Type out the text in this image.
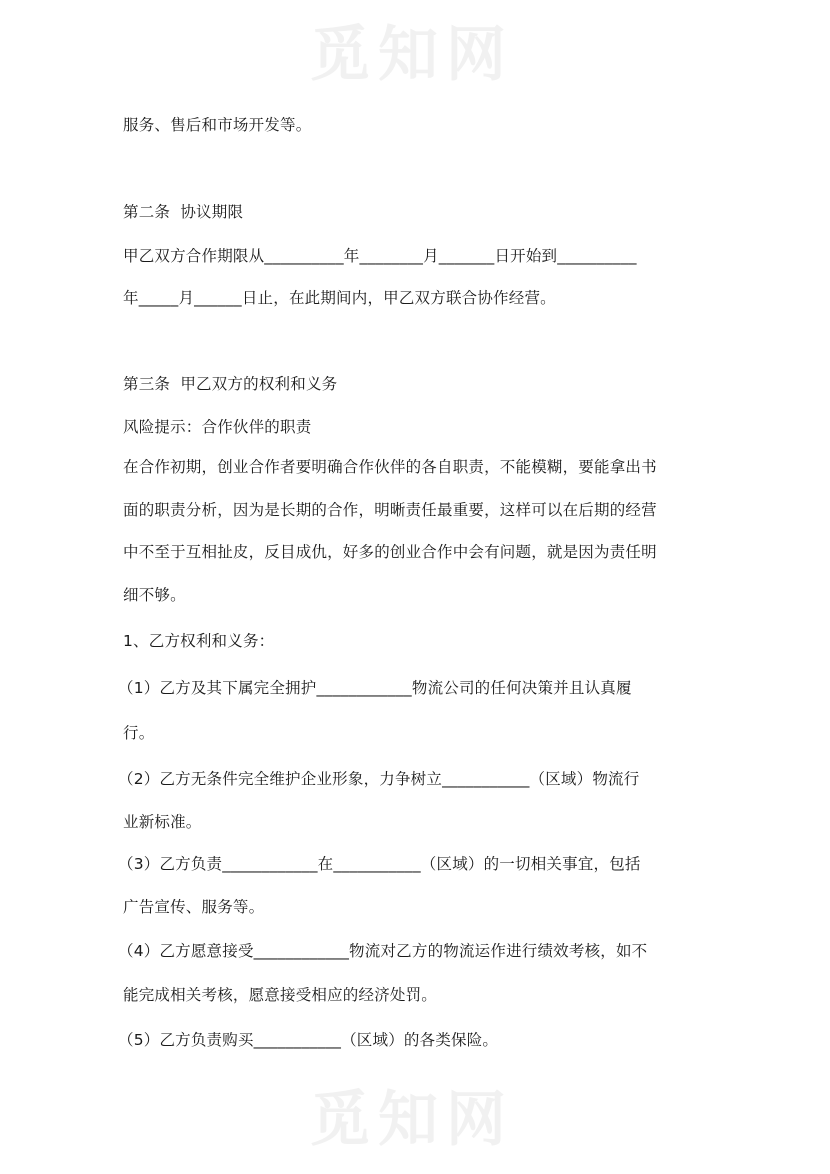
觅知网
觅知网
服务、售后和市场开发等。
第二条  协议期限
甲乙双方合作期限从__________年________月_______日开始到__________
年_____月______日止，在此期间内，甲乙双方联合协作经营。
第三条  甲乙双方的权利和义务
风险提示：合作伙伴的职责
在合作初期，创业合作者要明确合作伙伴的各自职责，不能模糊，要能拿出书
面的职责分析，因为是长期的合作，明晰责任最重要，这样可以在后期的经营
中不至于互相扯皮，反目成仇，好多的创业合作中会有问题，就是因为责任明
细不够。
1、乙方权利和义务：
（1）乙方及其下属完全拥护____________物流公司的任何决策并且认真履
行。
（2）乙方无条件完全维护企业形象，力争树立___________（区域）物流行
业新标准。
（3）乙方负责____________在___________（区域）的一切相关事宜，包括
广告宣传、服务等。
（4）乙方愿意接受____________物流对乙方的物流运作进行绩效考核，如不
能完成相关考核，愿意接受相应的经济处罚。
（5）乙方负责购买___________（区域）的各类保险。
